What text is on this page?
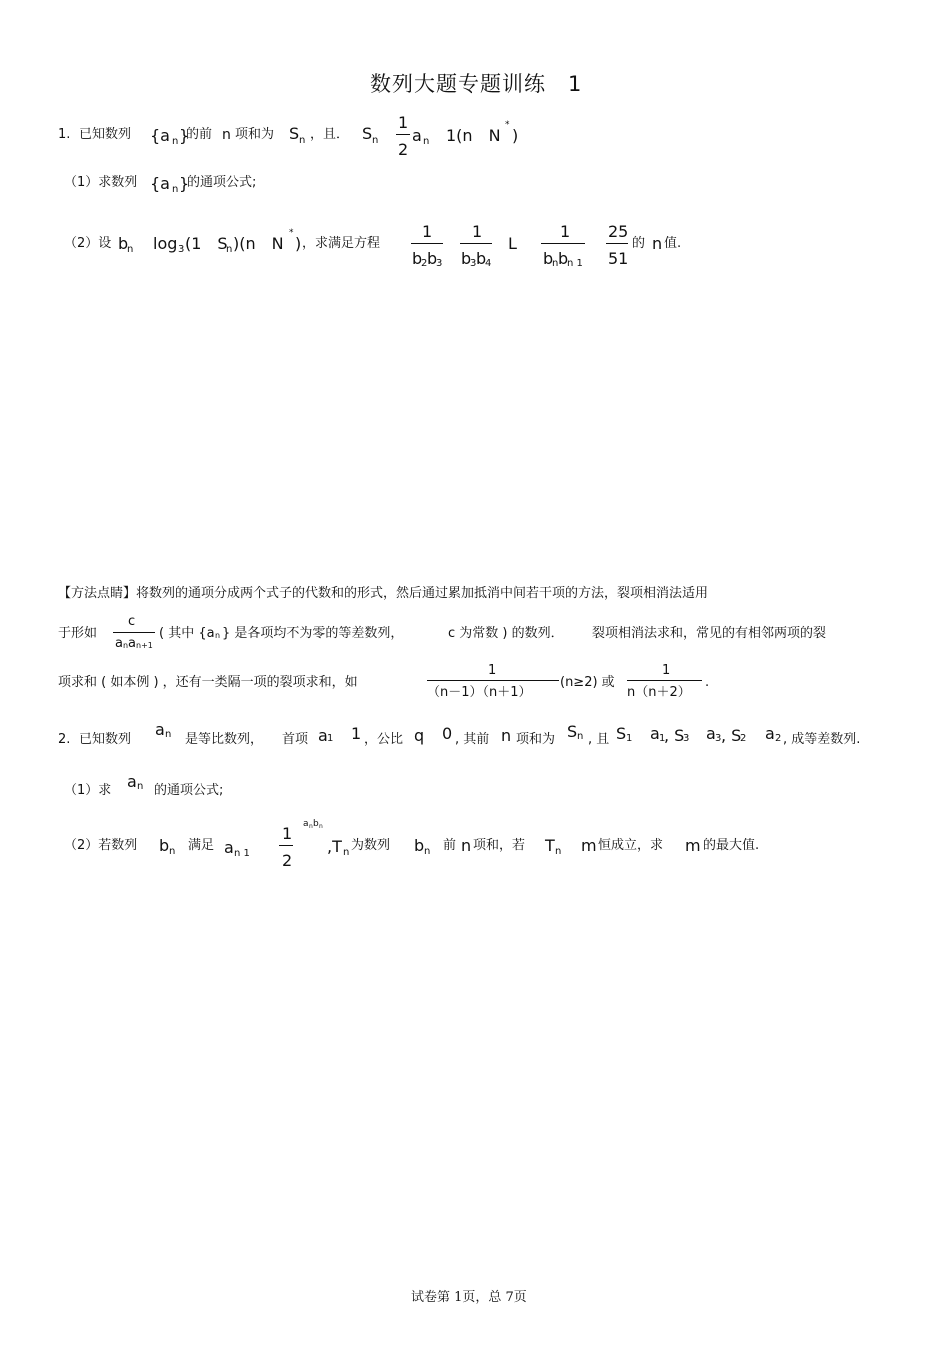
数列大题专题训练　1
1. 已知数列 {a n }
的前 n 项和为 S n ，且． S n
1
2
a n 1(n　N
*
)
（1）求数列 {a n }
的通项公式;
（2）设 b
n log 3 (1　S
n )(n　N
*
) ，求满足方程
1
b
2 b
3
1
b
3 b
4
L
1
b
n b
n 1
25
51
的 n 值.
【方法点睛】将数列的通项分成两个式子的代数和的形式，然后通过累加抵消中间若干项的方法，裂项相消法适用
于形如
c
a n a n+1
( 其中 {a n } 是各项均不为零的等差数列，	c 为常数 ) 的数列． 裂项相消法求和，常见的有相邻两项的裂
项求和 ( 如本例 ) ，还有一类隔一项的裂项求和，如
1
（n－1）（n＋1）
(n≥2) 或
1
n（n＋2）
.
2. 已知数列
a n 是等比数列， 首项 a 1 1 ，公比 q 0 , 其前 n 项和为 S n , 且 S 1 a 1
, S
3 a 3 , S
2 a 2 , 成等差数列.
（1）求 a n 的通项公式;
（2）若数列 b n 满足 a n 1
1
2
a n b n
,T n 为数列 b n 前 n 项和，若 T n m 恒成立，求 m 的最大值.
试卷第 1页，总 7页
